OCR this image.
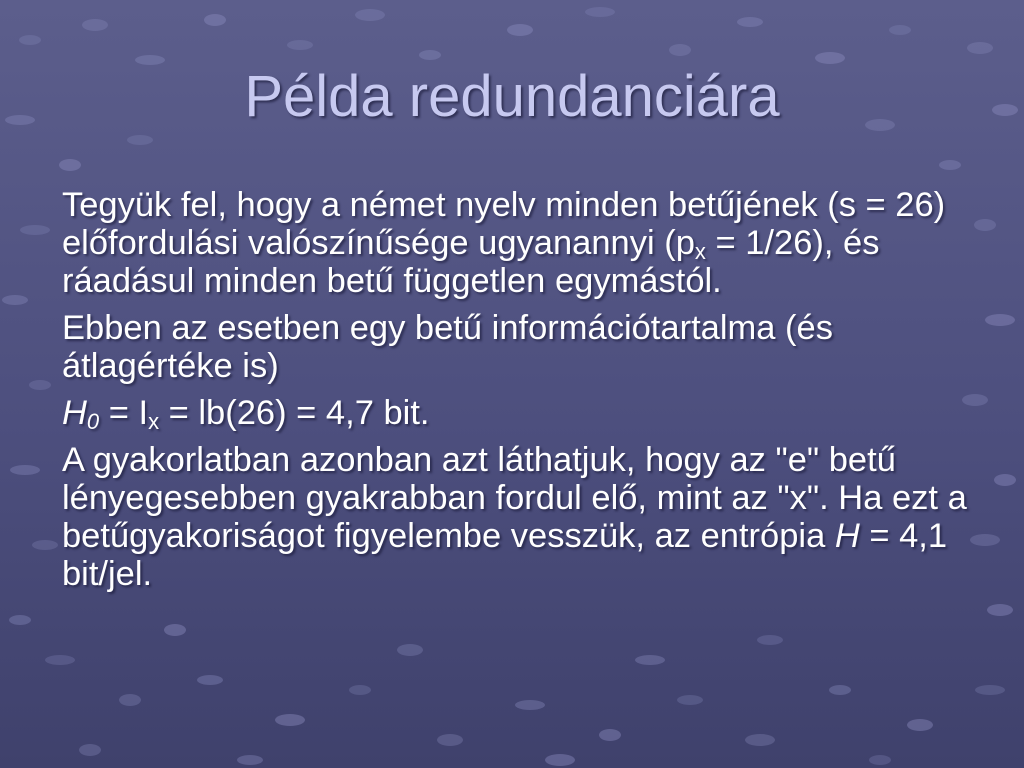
Példa redundanciára

Tegyük fel, hogy a német nyelv minden betűjének (s = 26) előfordulási valószínűsége ugyanannyi $(p_x = 1/26)$, és ráadásul minden betű független egymástól.

Ebben az esetben egy betű információtartalma (és átlagértéke is)

$H_0 = I_x = lb(26) = 4,7$ bit.

A gyakorlatban azonban azt láthatjuk, hogy az "e" betű lényegesebben gyakrabban fordul elő, mint az "x". Ha ezt a betűgyakoriságot figyelembe vesszük, az entrópia H = 4,1 bit/jel.
